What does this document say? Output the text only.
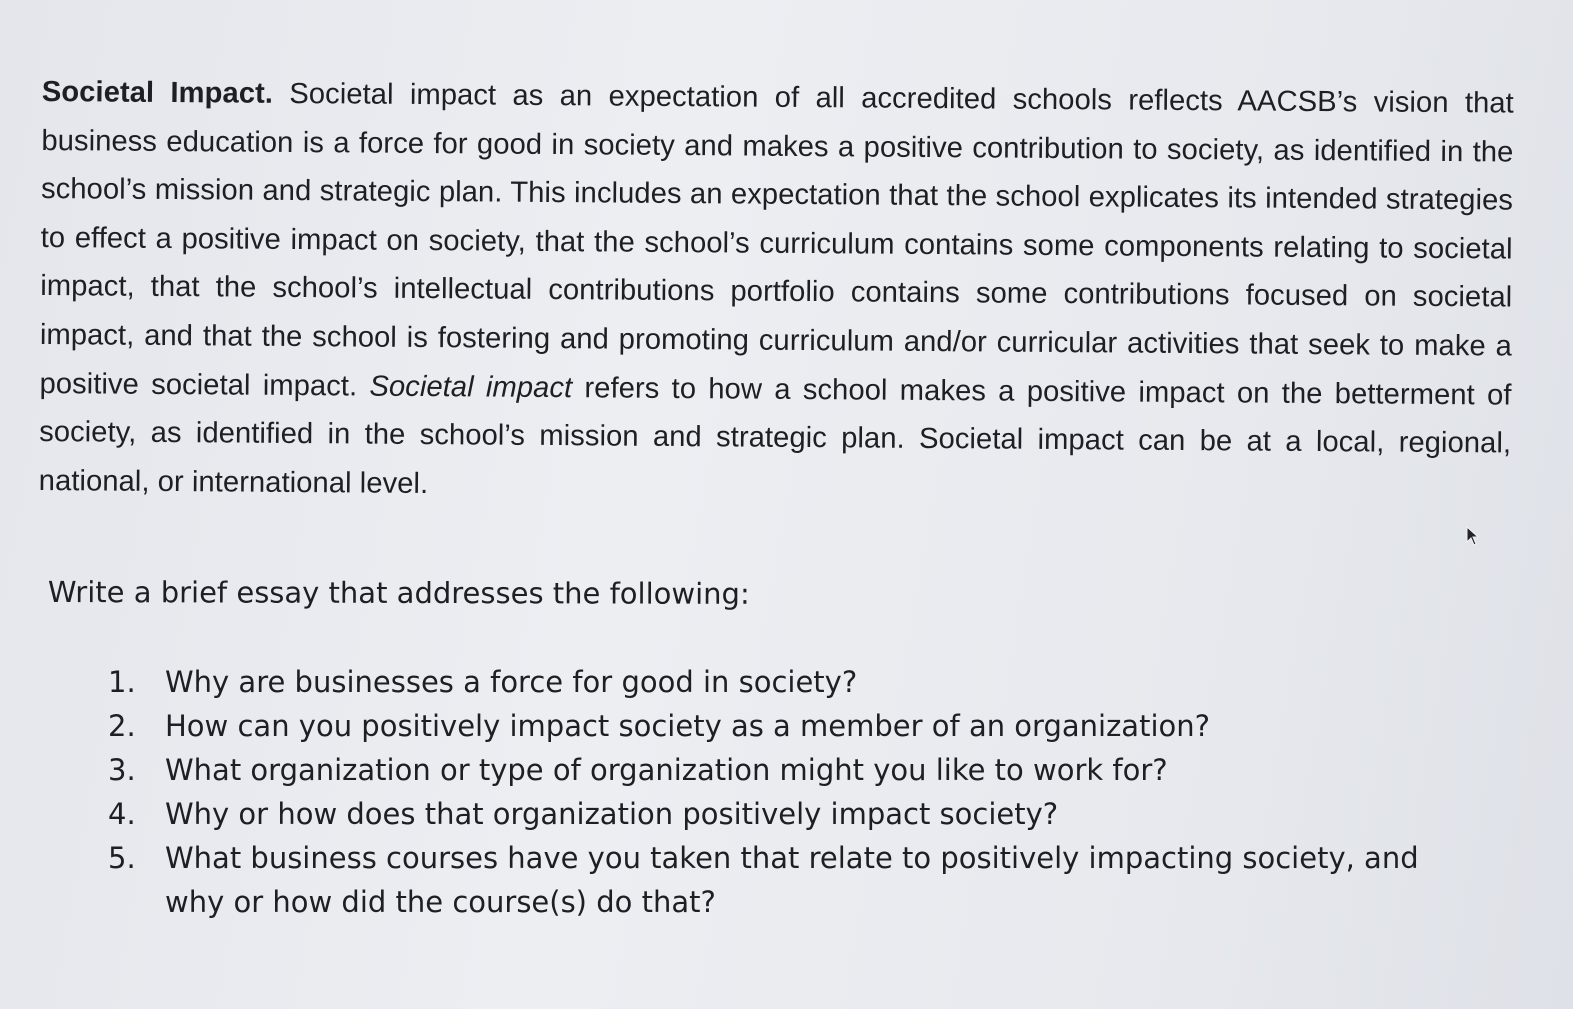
Societal Impact. Societal impact as an expectation of all accredited schools reflects AACSB’s vision that business education is a force for good in society and makes a positive contribution to society, as identified in the school’s mission and strategic plan. This includes an expectation that the school explicates its intended strategies to effect a positive impact on society, that the school’s curriculum contains some components relating to societal impact, that the school’s intellectual contributions portfolio contains some contributions focused on societal impact, and that the school is fostering and promoting curriculum and/or curricular activities that seek to make a positive societal impact. Societal impact refers to how a school makes a positive impact on the betterment of society, as identified in the school’s mission and strategic plan. Societal impact can be at a local, regional, national, or international level.

Write a brief essay that addresses the following:

1.	Why are businesses a force for good in society?
2.	How can you positively impact society as a member of an organization?
3.	What organization or type of organization might you like to work for?
4.	Why or how does that organization positively impact society?
5.	What business courses have you taken that relate to positively impacting society, and why or how did the course(s) do that?
